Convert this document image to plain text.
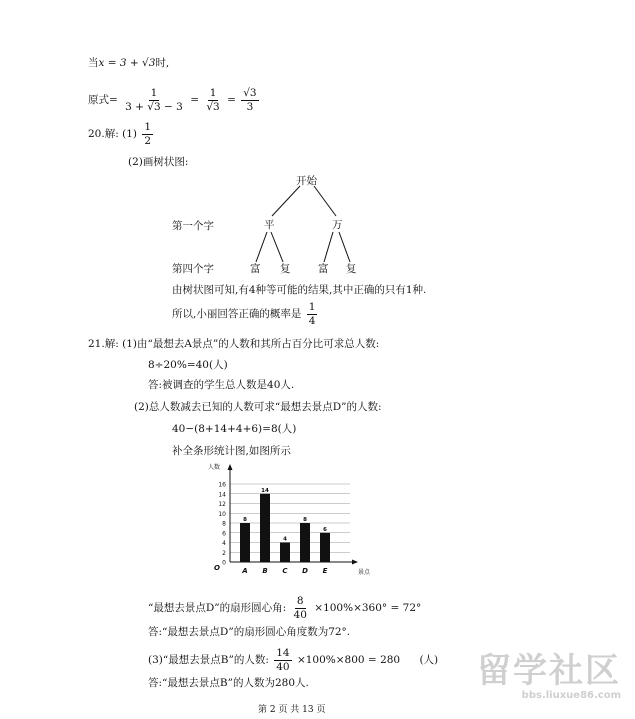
当x = 3 + √3时,
原式= $\frac{1}{3 + √3 - 3} = \frac{1}{√3} = \frac{√3}{3}$
20.解: $(1) \frac{1}{2}$
(2)画树状图:
开始
第一个字	平	万
第四个字	富 复	富 复
由树状图可知,有4种等可能的结果,其中正确的只有1种.
所以,小丽回答正确的概率是 $\frac{1}{4}$
21.解: (1)由“最想去A景点”的人数和其所占百分比可求总人数:
8÷20%=40(人)
答:被调查的学生总人数是40人.
(2)总人数减去已知的人数可求“最想去景点D”的人数:
40−(8+14+4+6)=8(人)
补全条形统计图,如图所示
0
2
4
6
8
10
12
14
16
人数
景点
O
8
A
14
B
4
C
8
D
6
E
“最想去景点D”的扇形圆心角: $\frac{8}{40} \times 100\%\times 360^\circ = 72^\circ$
答:“最想去景点D”的扇形圆心角度数为72°.
(3)“最想去景点B”的人数: $\frac{14}{40} \times 100\%\times 800 = 280$ (人)
答:“最想去景点B”的人数为280人.
第 2 页 共 13 页
留学社区
bbs.liuxue86.com
